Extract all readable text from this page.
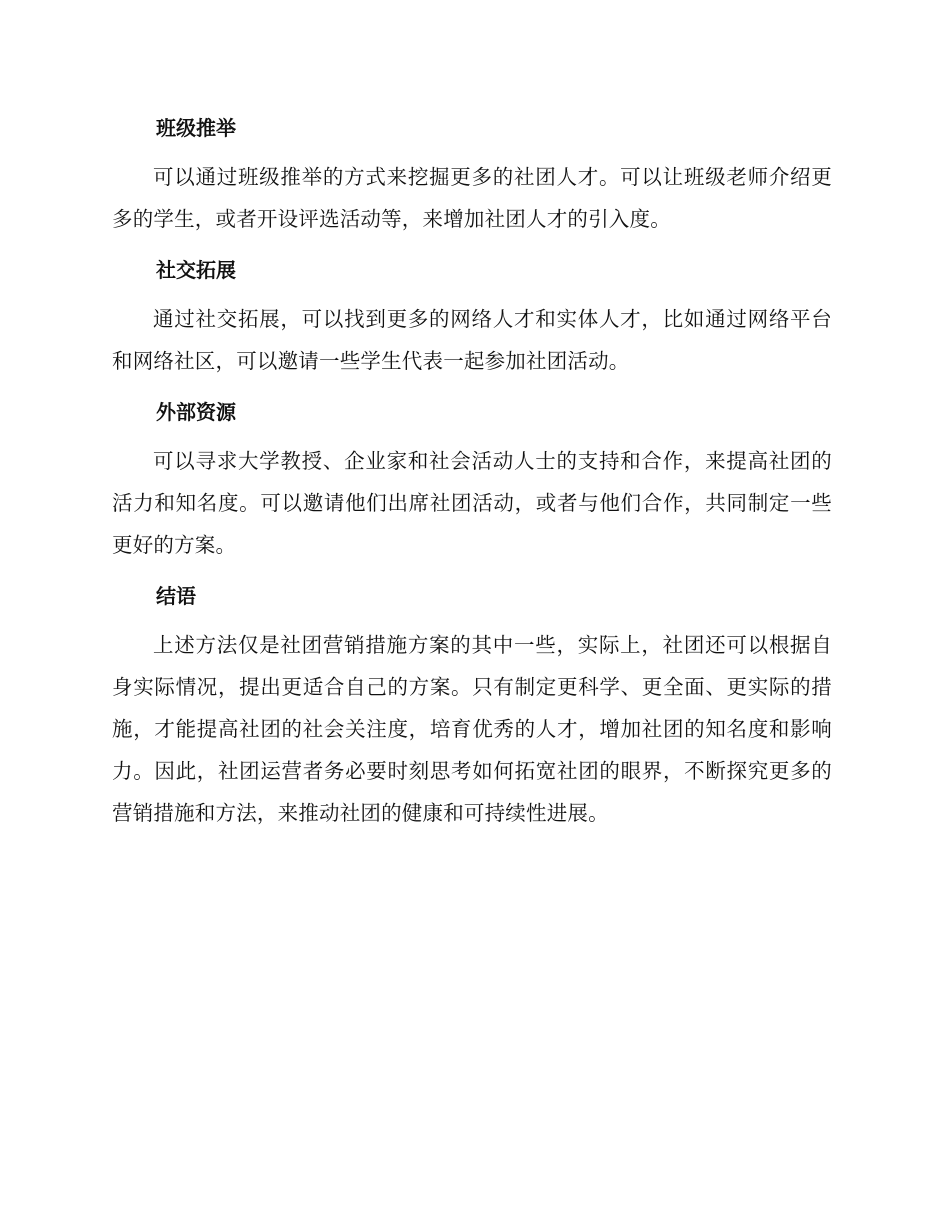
班级推举

可以通过班级推举的方式来挖掘更多的社团人才。可以让班级老师介绍更多的学生，或者开设评选活动等，来增加社团人才的引入度。

社交拓展

通过社交拓展，可以找到更多的网络人才和实体人才，比如通过网络平台和网络社区，可以邀请一些学生代表一起参加社团活动。

外部资源

可以寻求大学教授、企业家和社会活动人士的支持和合作，来提高社团的活力和知名度。可以邀请他们出席社团活动，或者与他们合作，共同制定一些更好的方案。

结语

上述方法仅是社团营销措施方案的其中一些，实际上，社团还可以根据自身实际情况，提出更适合自己的方案。只有制定更科学、更全面、更实际的措施，才能提高社团的社会关注度，培育优秀的人才，增加社团的知名度和影响力。因此，社团运营者务必要时刻思考如何拓宽社团的眼界，不断探究更多的营销措施和方法，来推动社团的健康和可持续性进展。
